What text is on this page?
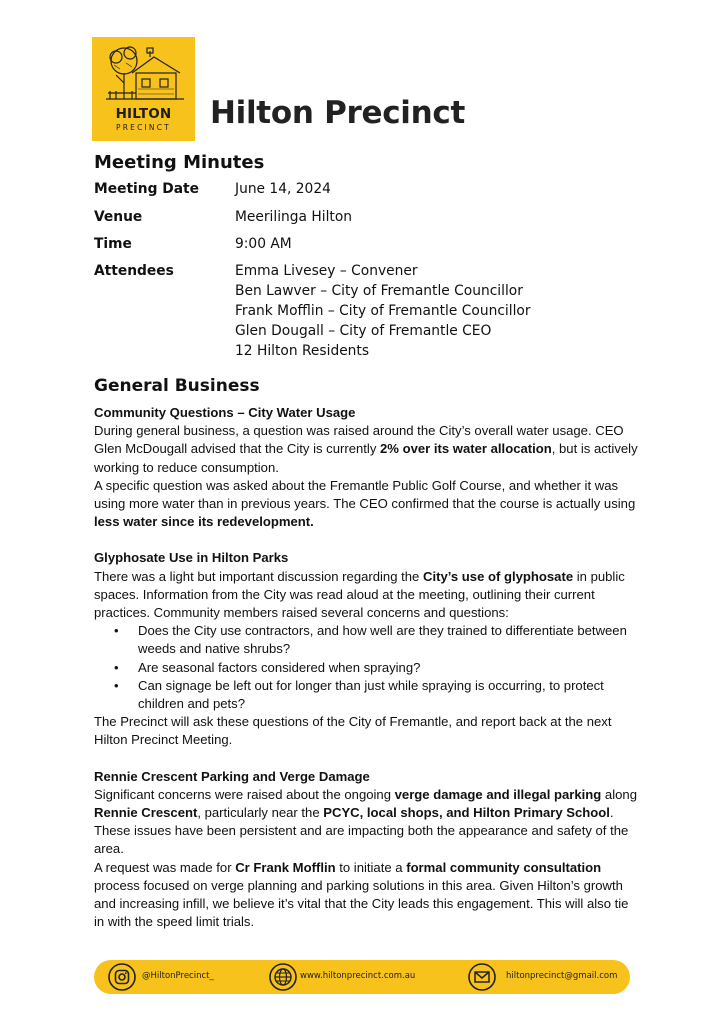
HILTON
PRECINCT	Hilton Precinct
Meeting Minutes
Meeting Date	June 14, 2024
Venue	Meerilinga Hilton
Time	9:00 AM
Attendees	Emma Livesey – Convener
Ben Lawver – City of Fremantle Councillor
Frank Mofflin – City of Fremantle Councillor
Glen Dougall – City of Fremantle CEO
12 Hilton Residents
General Business
Community Questions – City Water Usage

During general business, a question was raised around the City’s overall water usage. CEO Glen McDougall advised that the City is currently 2% over its water allocation, but is actively working to reduce consumption.

A specific question was asked about the Fremantle Public Golf Course, and whether it was using more water than in previous years. The CEO confirmed that the course is actually using less water since its redevelopment.

Glyphosate Use in Hilton Parks

There was a light but important discussion regarding the City’s use of glyphosate in public spaces. Information from the City was read aloud at the meeting, outlining their current practices. Community members raised several concerns and questions:

• Does the City use contractors, and how well are they trained to differentiate between weeds and native shrubs?
• Are seasonal factors considered when spraying?
• Can signage be left out for longer than just while spraying is occurring, to protect children and pets?

The Precinct will ask these questions of the City of Fremantle, and report back at the next Hilton Precinct Meeting.

Rennie Crescent Parking and Verge Damage

Significant concerns were raised about the ongoing verge damage and illegal parking along Rennie Crescent, particularly near the PCYC, local shops, and Hilton Primary School. These issues have been persistent and are impacting both the appearance and safety of the area.

A request was made for Cr Frank Mofflin to initiate a formal community consultation process focused on verge planning and parking solutions in this area. Given Hilton’s growth and increasing infill, we believe it’s vital that the City leads this engagement. This will also tie in with the speed limit trials.

@HiltonPrecinct_	www.hiltonprecinct.com.au	hiltonprecinct@gmail.com
